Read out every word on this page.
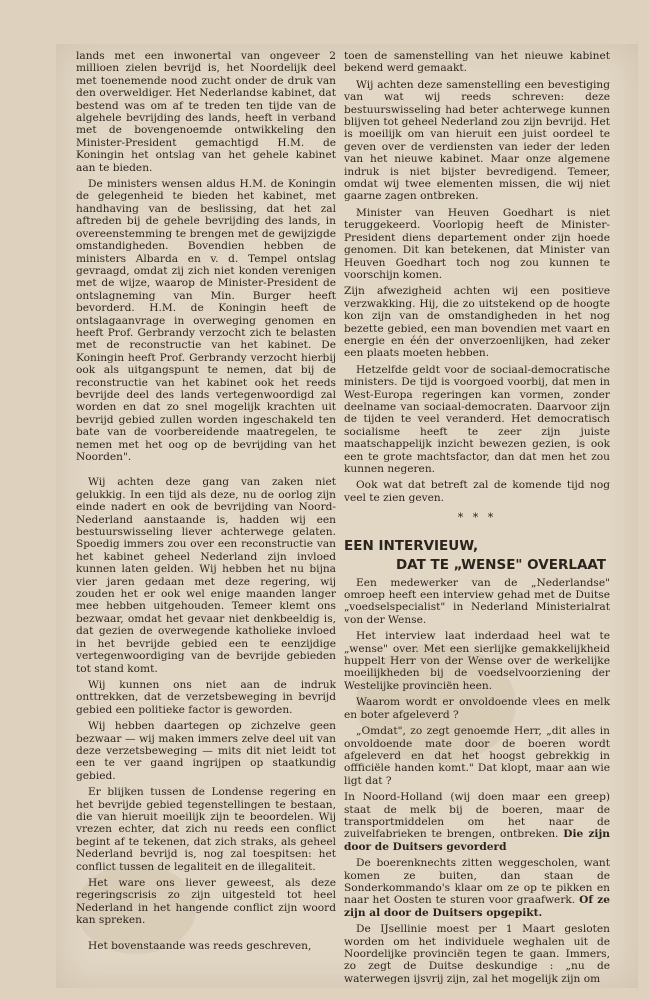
lands met een inwonertal van ongeveer 2 millioen zielen bevrijd is, het Noordelijk deel met toenemende nood zucht onder de druk van den overweldiger. Het Nederlandse kabinet, dat bestend was om af te treden ten tijde van de algehele bevrijding des lands, heeft in verband met de bovengenoemde ontwikkeling den Minister-President gemachtigd H.M. de Koningin het ontslag van het gehele kabinet aan te bieden.

De ministers wensen aldus H.M. de Koningin de gelegenheid te bieden het kabinet, met handhaving van de beslissing, dat het zal aftreden bij de gehele bevrijding des lands, in overeenstemming te brengen met de gewijzigde omstandigheden. Bovendien hebben de ministers Albarda en v. d. Tempel ontslag gevraagd, omdat zij zich niet konden verenigen met de wijze, waarop de Minister-President de ontslagneming van Min. Burger heeft bevorderd. H.M. de Koningin heeft de ontslagaanvrage in overweging genomen en heeft Prof. Gerbrandy verzocht zich te belasten met de reconstructie van het kabinet. De Koningin heeft Prof. Gerbrandy verzocht hierbij ook als uitgangspunt te nemen, dat bij de reconstructie van het kabinet ook het reeds bevrijde deel des lands vertegenwoordigd zal worden en dat zo snel mogelijk krachten uit bevrijd gebied zullen worden ingeschakeld ten bate van de voorbereidende maatregelen, te nemen met het oog op de bevrijding van het Noorden".

Wij achten deze gang van zaken niet gelukkig. In een tijd als deze, nu de oorlog zijn einde nadert en ook de bevrijding van Noord-Nederland aanstaande is, hadden wij een bestuurswisseling liever achterwege gelaten. Spoedig immers zou over een reconstructie van het kabinet geheel Nederland zijn invloed kunnen laten gelden. Wij hebben het nu bijna vier jaren gedaan met deze regering, wij zouden het er ook wel enige maanden langer mee hebben uitgehouden. Temeer klemt ons bezwaar, omdat het gevaar niet denkbeeldig is, dat gezien de overwegende katholieke invloed in het bevrijde gebied een te eenzijdige vertegenwoordiging van de bevrijde gebieden tot stand komt.

Wij kunnen ons niet aan de indruk onttrekken, dat de verzetsbeweging in bevrijd gebied een politieke factor is geworden.

Wij hebben daartegen op zichzelve geen bezwaar — wij maken immers zelve deel uit van deze verzetsbeweging — mits dit niet leidt tot een te ver gaand ingrijpen op staatkundig gebied.

Er blijken tussen de Londense regering en het bevrijde gebied tegenstellingen te bestaan, die van hieruit moeilijk zijn te beoordelen. Wij vrezen echter, dat zich nu reeds een conflict begint af te tekenen, dat zich straks, als geheel Nederland bevrijd is, nog zal toespitsen: het conflict tussen de legaliteit en de illegaliteit.

Het ware ons liever geweest, als deze regeringscrisis zo zijn uitgesteld tot heel Nederland in het hangende conflict zijn woord kan spreken.

Het bovenstaande was reeds geschreven,

toen de samenstelling van het nieuwe kabinet bekend werd gemaakt.

Wij achten deze samenstelling een bevestiging van wat wij reeds schreven: deze bestuurswisseling had beter achterwege kunnen blijven tot geheel Nederland zou zijn bevrijd. Het is moeilijk om van hieruit een juist oordeel te geven over de verdiensten van ieder der leden van het nieuwe kabinet. Maar onze algemene indruk is niet bijster bevredigend. Temeer, omdat wij twee elementen missen, die wij niet gaarne zagen ontbreken.

Minister van Heuven Goedhart is niet teruggekeerd. Voorlopig heeft de Minister-President diens departement onder zijn hoede genomen. Dit kan betekenen, dat Minister van Heuven Goedhart toch nog zou kunnen te voorschijn komen.

Zijn afwezigheid achten wij een positieve verzwakking. Hij, die zo uitstekend op de hoogte kon zijn van de omstandigheden in het nog bezette gebied, een man bovendien met vaart en energie en één der onverzoenlijken, had zeker een plaats moeten hebben.

Hetzelfde geldt voor de sociaal-democratische ministers. De tijd is voorgoed voorbij, dat men in West-Europa regeringen kan vormen, zonder deelname van sociaal-democraten. Daarvoor zijn de tijden te veel veranderd. Het democratisch socialisme heeft te zeer zijn juiste maatschappelijk inzicht bewezen gezien, is ook een te grote machtsfactor, dan dat men het zou kunnen negeren.

Ook wat dat betreft zal de komende tijd nog veel te zien geven.

* * *

EEN INTERVIEUW,

DAT TE „WENSE" OVERLAAT

Een medewerker van de „Nederlandse" omroep heeft een interview gehad met de Duitse „voedselspecialist" in Nederland Ministerialrat von der Wense.

Het interview laat inderdaad heel wat te „wense" over. Met een sierlijke gemakkelijkheid huppelt Herr von der Wense over de werkelijke moeilijkheden bij de voedselvoorziening der Westelijke provinciën heen.

Waarom wordt er onvoldoende vlees en melk en boter afgeleverd ?

„Omdat", zo zegt genoemde Herr, „dit alles in onvoldoende mate door de boeren wordt afgeleverd en dat het hoogst gebrekkig in offficiële handen komt." Dat klopt, maar aan wie ligt dat ?

In Noord-Holland (wij doen maar een greep) staat de melk bij de boeren, maar de transportmiddelen om het naar de zuivelfabrieken te brengen, ontbreken. Die zijn door de Duitsers gevorderd

De boerenknechts zitten weggescholen, want komen ze buiten, dan staan de Sonderkommando's klaar om ze op te pikken en naar het Oosten te sturen voor graafwerk. Of ze zijn al door de Duitsers opgepikt.

De IJsellinie moest per 1 Maart gesloten worden om het individuele weghalen uit de Noordelijke provinciën tegen te gaan. Immers, zo zegt de Duitse deskundige : „nu de waterwegen ijsvrij zijn, zal het mogelijk zijn om
